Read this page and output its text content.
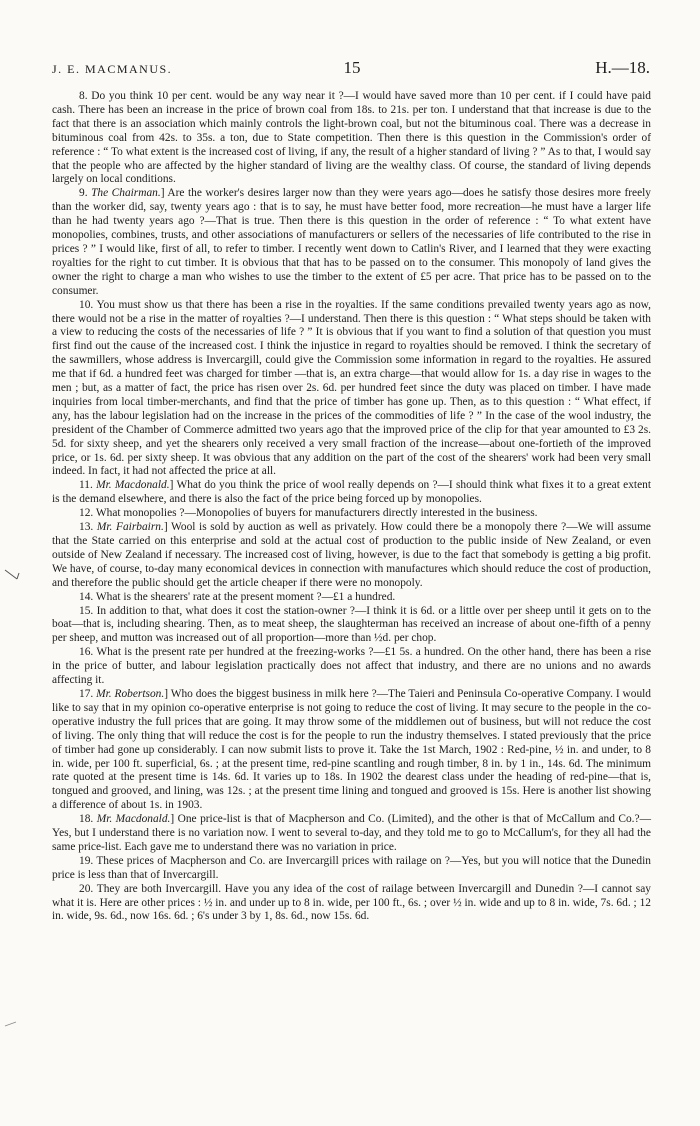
J. E. MACMANUS.	15	H.—18.

8. Do you think 10 per cent. would be any way near it ?—I would have saved more than 10 per cent. if I could have paid cash. There has been an increase in the price of brown coal from 18s. to 21s. per ton. I understand that that increase is due to the fact that there is an association which mainly controls the light-brown coal, but not the bituminous coal. There was a decrease in bituminous coal from 42s. to 35s. a ton, due to State competition. Then there is this question in the Commission's order of reference : “ To what extent is the increased cost of living, if any, the result of a higher standard of living ? ” As to that, I would say that the people who are affected by the higher standard of living are the wealthy class. Of course, the standard of living depends largely on local conditions.

9. The Chairman.] Are the worker's desires larger now than they were years ago—does he satisfy those desires more freely than the worker did, say, twenty years ago : that is to say, he must have better food, more recreation—he must have a larger life than he had twenty years ago ?—That is true. Then there is this question in the order of reference : “ To what extent have monopolies, combines, trusts, and other associations of manufacturers or sellers of the necessaries of life contributed to the rise in prices ? ” I would like, first of all, to refer to timber. I recently went down to Catlin's River, and I learned that they were exacting royalties for the right to cut timber. It is obvious that that has to be passed on to the consumer. This monopoly of land gives the owner the right to charge a man who wishes to use the timber to the extent of £5 per acre. That price has to be passed on to the consumer.

10. You must show us that there has been a rise in the royalties. If the same conditions prevailed twenty years ago as now, there would not be a rise in the matter of royalties ?—I understand. Then there is this question : “ What steps should be taken with a view to reducing the costs of the necessaries of life ? ” It is obvious that if you want to find a solution of that question you must first find out the cause of the increased cost. I think the injustice in regard to royalties should be removed. I think the secretary of the sawmillers, whose address is Invercargill, could give the Commission some information in regard to the royalties. He assured me that if 6d. a hundred feet was charged for timber —that is, an extra charge—that would allow for 1s. a day rise in wages to the men ; but, as a matter of fact, the price has risen over 2s. 6d. per hundred feet since the duty was placed on timber. I have made inquiries from local timber-merchants, and find that the price of timber has gone up. Then, as to this question : “ What effect, if any, has the labour legislation had on the increase in the prices of the commodities of life ? ” In the case of the wool industry, the president of the Chamber of Commerce admitted two years ago that the improved price of the clip for that year amounted to £3 2s. 5d. for sixty sheep, and yet the shearers only received a very small fraction of the increase—about one-fortieth of the improved price, or 1s. 6d. per sixty sheep. It was obvious that any addition on the part of the cost of the shearers' work had been very small indeed. In fact, it had not affected the price at all.

11. Mr. Macdonald.] What do you think the price of wool really depends on ?—I should think what fixes it to a great extent is the demand elsewhere, and there is also the fact of the price being forced up by monopolies.

12. What monopolies ?—Monopolies of buyers for manufacturers directly interested in the business.

13. Mr. Fairbairn.] Wool is sold by auction as well as privately. How could there be a monopoly there ?—We will assume that the State carried on this enterprise and sold at the actual cost of production to the public inside of New Zealand, or even outside of New Zealand if necessary. The increased cost of living, however, is due to the fact that somebody is getting a big profit. We have, of course, to-day many economical devices in connection with manufactures which should reduce the cost of production, and therefore the public should get the article cheaper if there were no monopoly.

14. What is the shearers' rate at the present moment ?—£1 a hundred.

15. In addition to that, what does it cost the station-owner ?—I think it is 6d. or a little over per sheep until it gets on to the boat—that is, including shearing. Then, as to meat sheep, the slaughterman has received an increase of about one-fifth of a penny per sheep, and mutton was increased out of all proportion—more than ½d. per chop.

16. What is the present rate per hundred at the freezing-works ?—£1 5s. a hundred. On the other hand, there has been a rise in the price of butter, and labour legislation practically does not affect that industry, and there are no unions and no awards affecting it.

17. Mr. Robertson.] Who does the biggest business in milk here ?—The Taieri and Peninsula Co-operative Company. I would like to say that in my opinion co-operative enterprise is not going to reduce the cost of living. It may secure to the people in the co-operative industry the full prices that are going. It may throw some of the middlemen out of business, but will not reduce the cost of living. The only thing that will reduce the cost is for the people to run the industry themselves. I stated previously that the price of timber had gone up considerably. I can now submit lists to prove it. Take the 1st March, 1902 : Red-pine, ½ in. and under, to 8 in. wide, per 100 ft. superficial, 6s. ; at the present time, red-pine scantling and rough timber, 8 in. by 1 in., 14s. 6d. The minimum rate quoted at the present time is 14s. 6d. It varies up to 18s. In 1902 the dearest class under the heading of red-pine—that is, tongued and grooved, and lining, was 12s. ; at the present time lining and tongued and grooved is 15s. Here is another list showing a difference of about 1s. in 1903.

18. Mr. Macdonald.] One price-list is that of Macpherson and Co. (Limited), and the other is that of McCallum and Co.?—Yes, but I understand there is no variation now. I went to several to-day, and they told me to go to McCallum's, for they all had the same price-list. Each gave me to understand there was no variation in price.

19. These prices of Macpherson and Co. are Invercargill prices with railage on ?—Yes, but you will notice that the Dunedin price is less than that of Invercargill.

20. They are both Invercargill. Have you any idea of the cost of railage between Invercargill and Dunedin ?—I cannot say what it is. Here are other prices : ½ in. and under up to 8 in. wide, per 100 ft., 6s. ; over ½ in. wide and up to 8 in. wide, 7s. 6d. ; 12 in. wide, 9s. 6d., now 16s. 6d. ; 6's under 3 by 1, 8s. 6d., now 15s. 6d.
